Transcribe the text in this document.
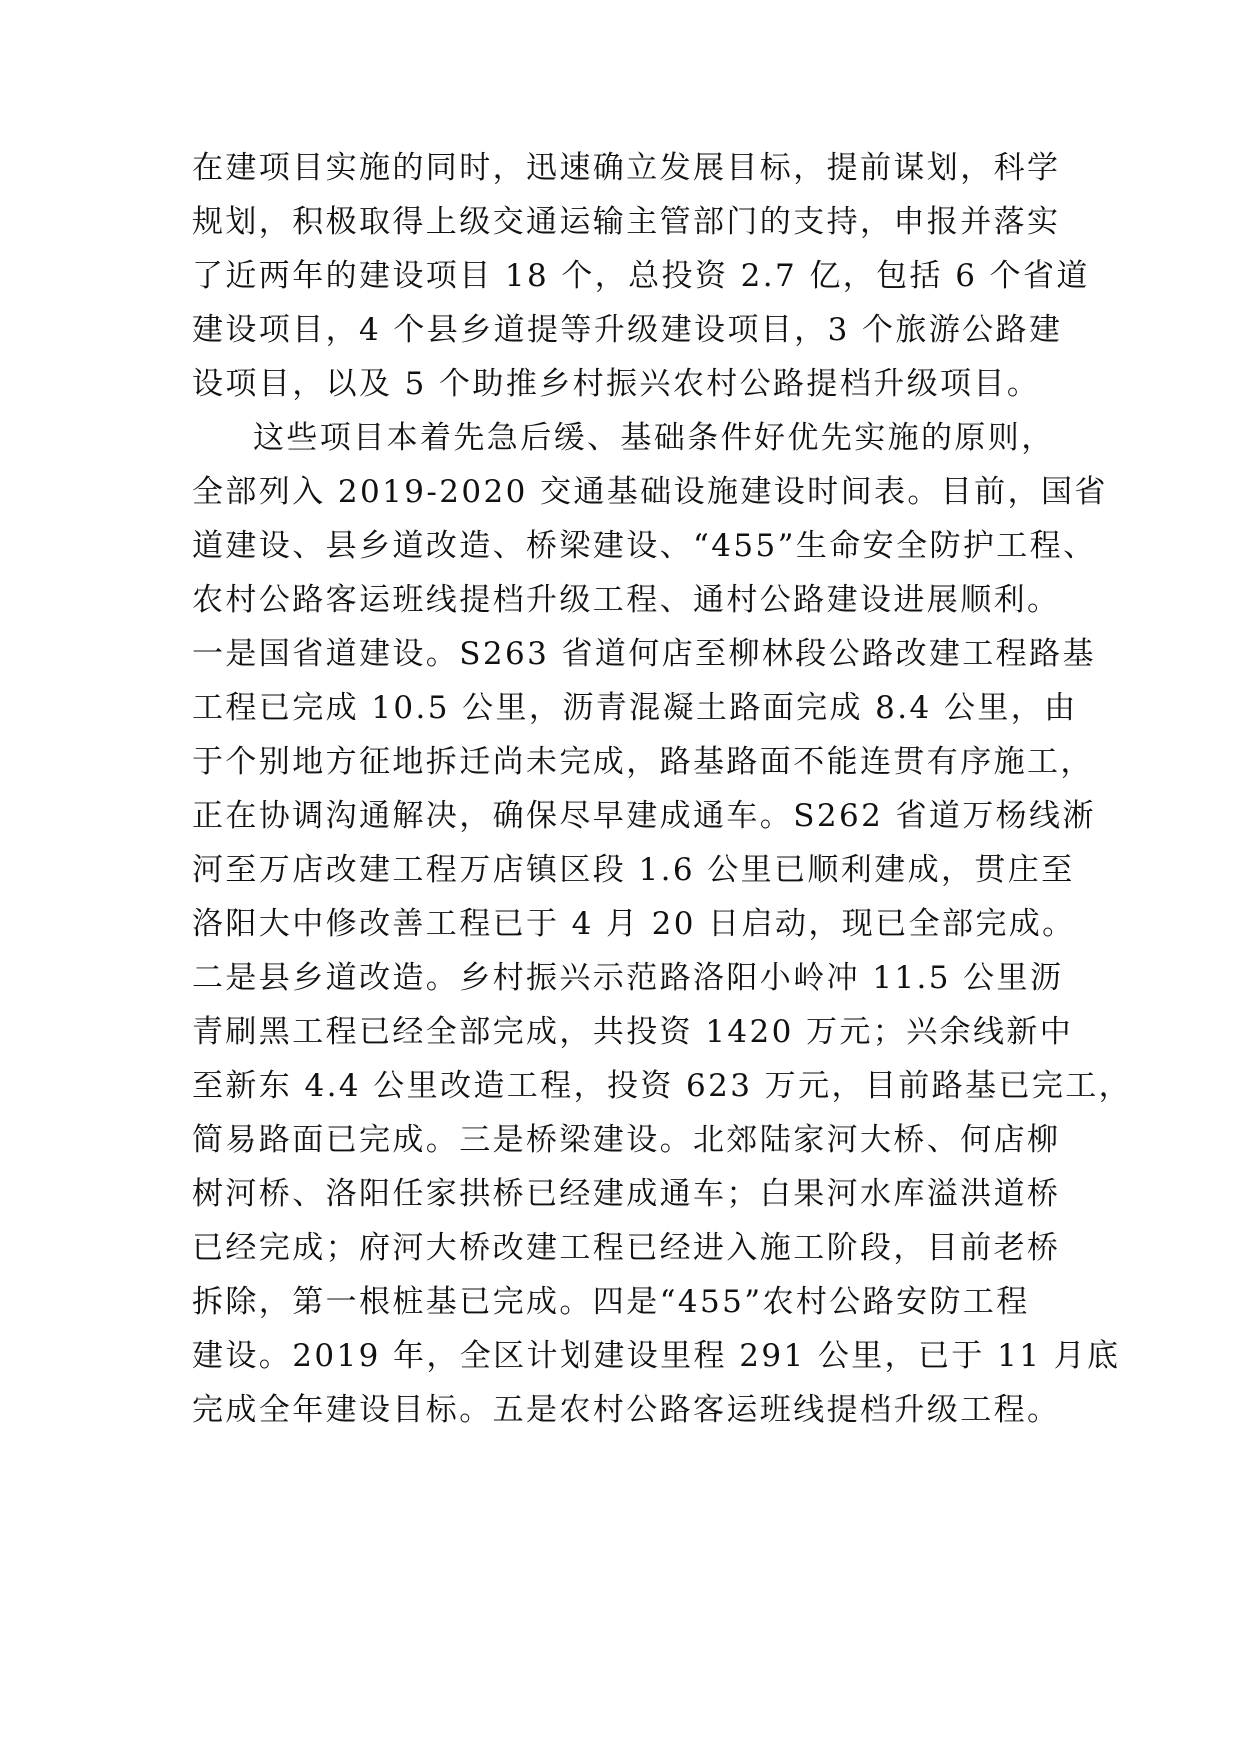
在建项目实施的同时，迅速确立发展目标，提前谋划，科学
规划，积极取得上级交通运输主管部门的支持，申报并落实
了近两年的建设项目 18 个，总投资 2.7 亿，包括 6 个省道
建设项目，4 个县乡道提等升级建设项目，3 个旅游公路建
设项目，以及 5 个助推乡村振兴农村公路提档升级项目。
这些项目本着先急后缓、基础条件好优先实施的原则，
全部列入 2019-2020 交通基础设施建设时间表。目前，国省
道建设、县乡道改造、桥梁建设、“455”生命安全防护工程、
农村公路客运班线提档升级工程、通村公路建设进展顺利。
一是国省道建设。S263 省道何店至柳林段公路改建工程路基
工程已完成 10.5 公里，沥青混凝土路面完成 8.4 公里，由
于个别地方征地拆迁尚未完成，路基路面不能连贯有序施工，
正在协调沟通解决，确保尽早建成通车。S262 省道万杨线淅
河至万店改建工程万店镇区段 1.6 公里已顺利建成，贯庄至
洛阳大中修改善工程已于 4 月 20 日启动，现已全部完成。
二是县乡道改造。乡村振兴示范路洛阳小岭冲 11.5 公里沥
青刷黑工程已经全部完成，共投资 1420 万元；兴余线新中
至新东 4.4 公里改造工程，投资 623 万元，目前路基已完工，
简易路面已完成。三是桥梁建设。北郊陆家河大桥、何店柳
树河桥、洛阳任家拱桥已经建成通车；白果河水库溢洪道桥
已经完成；府河大桥改建工程已经进入施工阶段，目前老桥
拆除，第一根桩基已完成。四是“455”农村公路安防工程
建设。2019 年，全区计划建设里程 291 公里，已于 11 月底
完成全年建设目标。五是农村公路客运班线提档升级工程。
